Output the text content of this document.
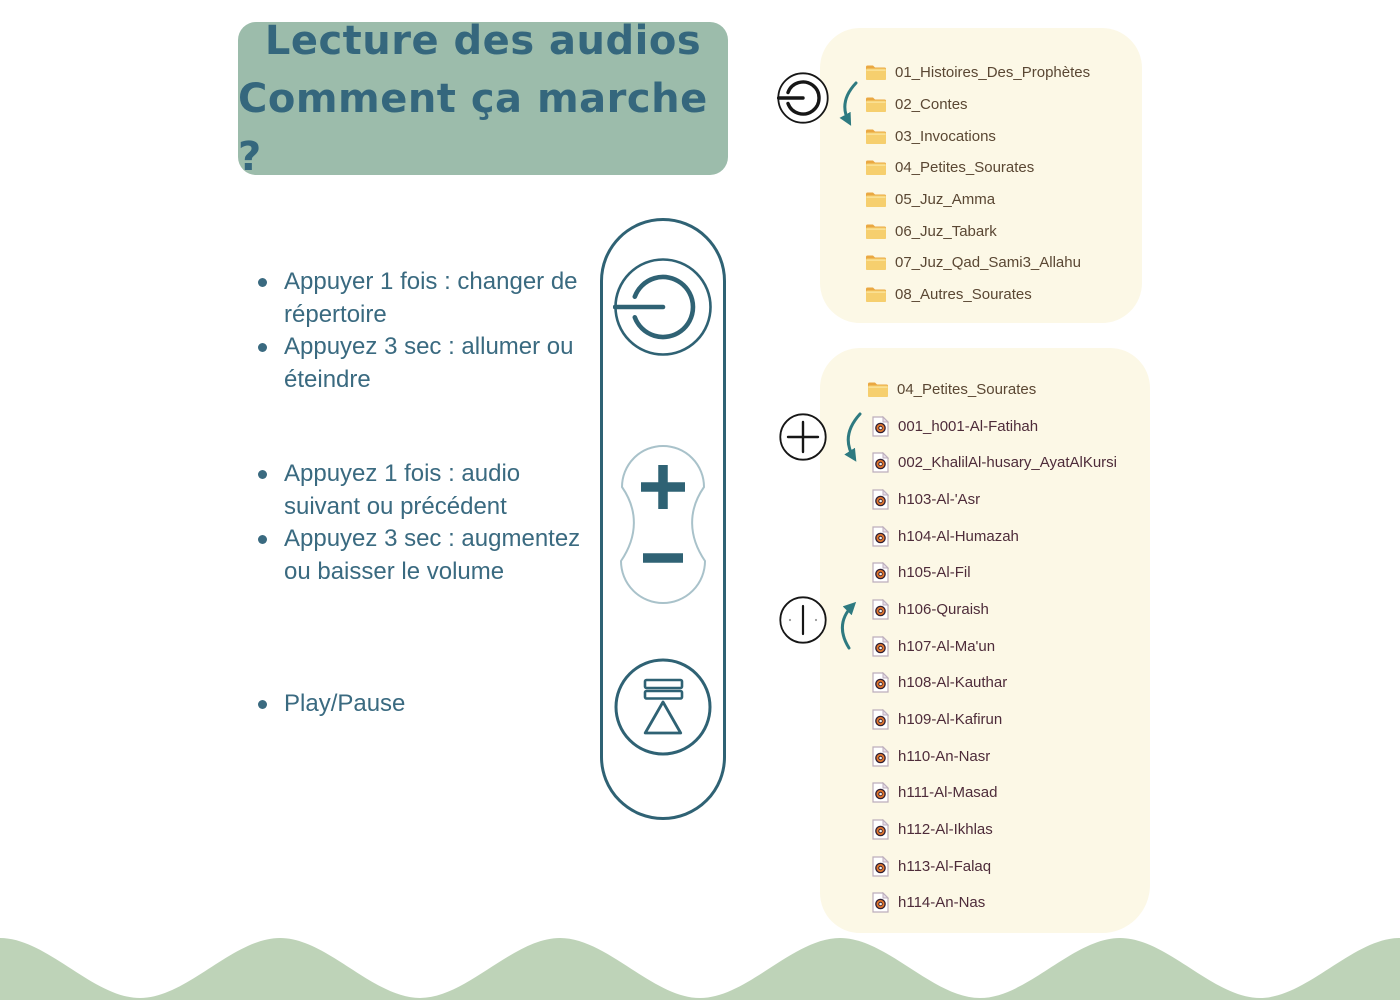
Lecture des audios
Comment ça marche ?
Appuyer 1 fois : changer de répertoire
Appuyez 3 sec : allumer ou éteindre
Appuyez 1 fois : audio suivant ou précédent
Appuyez 3 sec : augmentez ou baisser le volume
Play/Pause
01_Histoires_Des_Prophètes
02_Contes
03_Invocations
04_Petites_Sourates
05_Juz_Amma
06_Juz_Tabark
07_Juz_Qad_Sami3_Allahu
08_Autres_Sourates
04_Petites_Sourates
001_h001-Al-Fatihah
002_KhalilAl-husary_AyatAlKursi
h103-Al-'Asr
h104-Al-Humazah
h105-Al-Fil
h106-Quraish
h107-Al-Ma'un
h108-Al-Kauthar
h109-Al-Kafirun
h110-An-Nasr
h111-Al-Masad
h112-Al-Ikhlas
h113-Al-Falaq
h114-An-Nas
